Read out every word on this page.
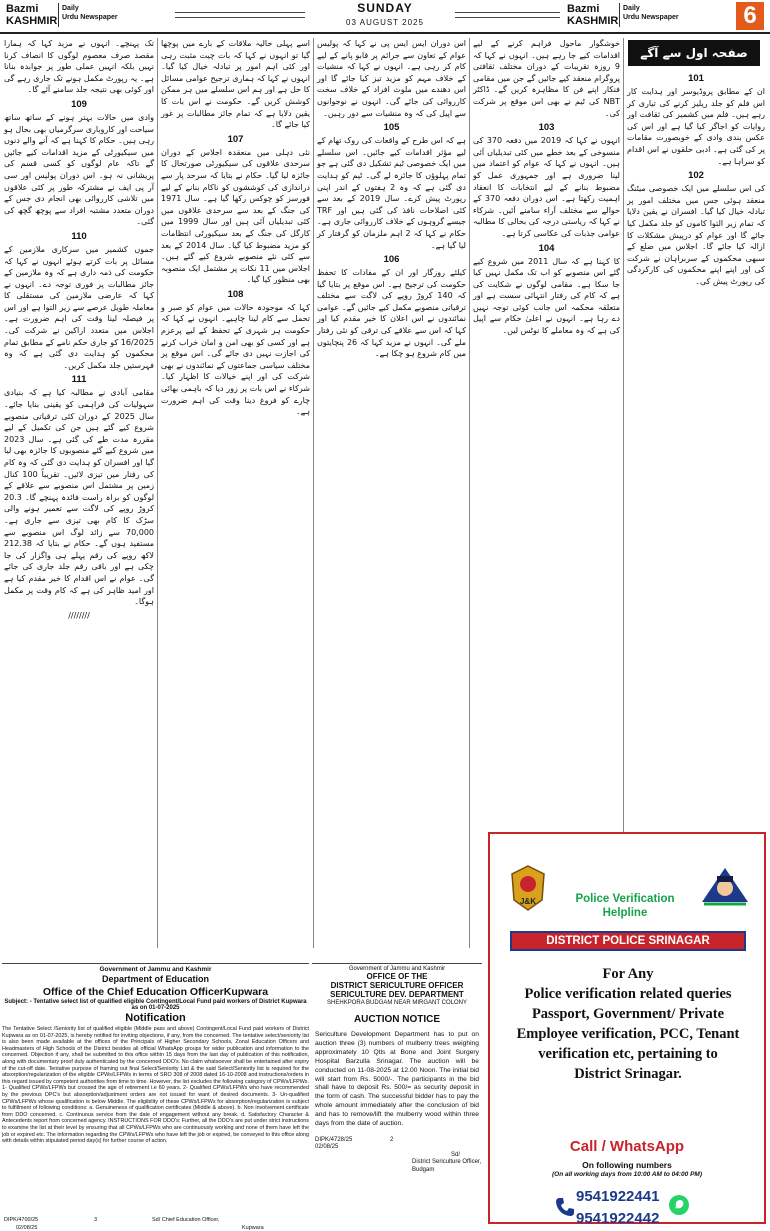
Bazmi
KASHMIR
Daily
Urdu Newspaper
SUNDAY
03 AUGUST 2025
Bazmi
KASHMIR
Daily
Urdu Newspaper	6
صفحہ اول سے آگے
تک پہنچے۔ انہوں نے مزید کہا کہ ہمارا مقصد صرف معصوم لوگوں کا انصاف کرنا نہیں بلکہ انہیں عملی طور پر جوابدہ بنانا ہے۔ یہ رپورٹ مکمل ہونے تک جاری رہے گی اور کوئی بھی نتیجہ جلد سامنے آئے گا۔
109
وادی میں حالات بہتر ہونے کے ساتھ ساتھ سیاحت اور کاروباری سرگرمیاں بھی بحال ہو رہی ہیں۔ حکام کا کہنا ہے کہ آنے والے دنوں میں سیکیورٹی کے مزید اقدامات کیے جائیں گے تاکہ عام لوگوں کو کسی قسم کی پریشانی نہ ہو۔ اس دوران پولیس اور سی آر پی ایف نے مشترکہ طور پر کئی علاقوں میں تلاشی کارروائی بھی انجام دی جس کے دوران متعدد مشتبہ افراد سے پوچھ گچھ کی گئی۔
110
جموں کشمیر میں سرکاری ملازمین کے مسائل پر بات کرتے ہوئے انہوں نے کہا کہ حکومت کی ذمہ داری ہے کہ وہ ملازمین کے جائز مطالبات پر فوری توجہ دے۔ انہوں نے کہا کہ عارضی ملازمین کی مستقلی کا معاملہ طویل عرصے سے زیر التوا ہے اور اس پر فیصلہ لینا وقت کی اہم ضرورت ہے۔ اجلاس میں متعدد اراکین نے شرکت کی۔ 16/2025 کو جاری حکم نامے کے مطابق تمام محکموں کو ہدایت دی گئی ہے کہ وہ فہرستیں جلد مکمل کریں۔
111
مقامی آبادی نے مطالبہ کیا ہے کہ بنیادی سہولیات کی فراہمی کو یقینی بنایا جائے۔ سال 2025 کے دوران کئی ترقیاتی منصوبے شروع کیے گئے ہیں جن کی تکمیل کے لیے مقررہ مدت طے کی گئی ہے۔ سال 2023 میں شروع کیے گئے منصوبوں کا جائزہ بھی لیا گیا اور افسران کو ہدایت دی گئی کہ وہ کام کی رفتار میں تیزی لائیں۔ تقریباً 100 کنال زمین پر مشتمل اس منصوبے سے علاقے کے لوگوں کو براہ راست فائدہ پہنچے گا۔ 20.3 کروڑ روپے کی لاگت سے تعمیر ہونے والی سڑک کا کام بھی تیزی سے جاری ہے۔ 70,000 سے زائد لوگ اس منصوبے سے مستفید ہوں گے۔ حکام نے بتایا کہ 212.38 لاکھ روپے کی رقم پہلے ہی واگزار کی جا چکی ہے اور باقی رقم جلد جاری کی جائے گی۔ عوام نے اس اقدام کا خیر مقدم کیا ہے اور امید ظاہر کی ہے کہ کام وقت پر مکمل ہوگا۔
////////
اسے پہلی حالیہ ملاقات کے بارے میں پوچھا گیا تو انہوں نے کہا کہ بات چیت مثبت رہی اور کئی اہم امور پر تبادلہ خیال کیا گیا۔ انہوں نے کہا کہ ہماری ترجیح عوامی مسائل کا حل ہے اور ہم اس سلسلے میں ہر ممکن کوشش کریں گے۔ حکومت نے اس بات کا یقین دلایا ہے کہ تمام جائز مطالبات پر غور کیا جائے گا۔
107
نئی دہلی میں منعقدہ اجلاس کے دوران سرحدی علاقوں کی سیکیورٹی صورتحال کا جائزہ لیا گیا۔ حکام نے بتایا کہ سرحد پار سے دراندازی کی کوششوں کو ناکام بنانے کے لیے فورسز کو چوکس رکھا گیا ہے۔ سال 1971 کی جنگ کے بعد سے سرحدی علاقوں میں کئی تبدیلیاں آئی ہیں اور سال 1999 میں کارگل کی جنگ کے بعد سیکیورٹی انتظامات کو مزید مضبوط کیا گیا۔ سال 2014 کے بعد سے کئی نئے منصوبے شروع کیے گئے ہیں۔ اجلاس میں 11 نکات پر مشتمل ایک منصوبہ بھی منظور کیا گیا۔
108
کہا کہ موجودہ حالات میں عوام کو صبر و تحمل سے کام لینا چاہیے۔ انہوں نے کہا کہ حکومت ہر شہری کے تحفظ کے لیے پرعزم ہے اور کسی کو بھی امن و امان خراب کرنے کی اجازت نہیں دی جائے گی۔ اس موقع پر مختلف سیاسی جماعتوں کے نمائندوں نے بھی شرکت کی اور اپنے خیالات کا اظہار کیا۔ شرکاء نے اس بات پر زور دیا کہ باہمی بھائی چارے کو فروغ دینا وقت کی اہم ضرورت ہے۔
اس دوران ایس ایس پی نے کہا کہ پولیس عوام کے تعاون سے جرائم پر قابو پانے کے لیے کام کر رہی ہے۔ انہوں نے کہا کہ منشیات کے خلاف مہم کو مزید تیز کیا جائے گا اور اس دھندے میں ملوث افراد کے خلاف سخت کارروائی کی جائے گی۔ انہوں نے نوجوانوں سے اپیل کی کہ وہ منشیات سے دور رہیں۔
105
ہے کہ اس طرح کے واقعات کی روک تھام کے لیے مؤثر اقدامات کیے جائیں۔ اس سلسلے میں ایک خصوصی ٹیم تشکیل دی گئی ہے جو تمام پہلوؤں کا جائزہ لے گی۔ ٹیم کو ہدایت دی گئی ہے کہ وہ 2 ہفتوں کے اندر اپنی رپورٹ پیش کرے۔ سال 2019 کے بعد سے کئی اصلاحات نافذ کی گئی ہیں اور TRF جیسے گروہوں کے خلاف کارروائی جاری ہے۔ حکام نے کہا کہ 2 اہم ملزمان کو گرفتار کر لیا گیا ہے۔
106
کیلئے روزگار اور ان کے مفادات کا تحفظ حکومت کی ترجیح ہے۔ اس موقع پر بتایا گیا کہ 140 کروڑ روپے کی لاگت سے مختلف ترقیاتی منصوبے مکمل کیے جائیں گے۔ عوامی نمائندوں نے اس اعلان کا خیر مقدم کیا اور کہا کہ اس سے علاقے کی ترقی کو نئی رفتار ملے گی۔ انہوں نے مزید کہا کہ 26 پنچایتوں میں کام شروع ہو چکا ہے۔
خوشگوار ماحول فراہم کرنے کے لیے اقدامات کیے جا رہے ہیں۔ انہوں نے کہا کہ 9 روزہ تقریبات کے دوران مختلف ثقافتی پروگرام منعقد کیے جائیں گے جن میں مقامی فنکار اپنے فن کا مظاہرہ کریں گے۔ ڈاکٹر NBT کی ٹیم نے بھی اس موقع پر شرکت کی۔
103
انہوں نے کہا کہ 2019 میں دفعہ 370 کی منسوخی کے بعد خطے میں کئی تبدیلیاں آئی ہیں۔ انہوں نے کہا کہ عوام کو اعتماد میں لینا ضروری ہے اور جمہوری عمل کو مضبوط بنانے کے لیے انتخابات کا انعقاد اہمیت رکھتا ہے۔ اس دوران دفعہ 370 کے حوالے سے مختلف آراء سامنے آئیں۔ شرکاء نے کہا کہ ریاستی درجہ کی بحالی کا مطالبہ عوامی جذبات کی عکاسی کرتا ہے۔
104
کا کہنا ہے کہ سال 2011 میں شروع کیے گئے اس منصوبے کو اب تک مکمل نہیں کیا جا سکا ہے۔ مقامی لوگوں نے شکایت کی ہے کہ کام کی رفتار انتہائی سست ہے اور متعلقہ محکمہ اس جانب کوئی توجہ نہیں دے رہا ہے۔ انہوں نے اعلیٰ حکام سے اپیل کی ہے کہ وہ معاملے کا نوٹس لیں۔
101
ان کے مطابق پروڈیوسر اور ہدایت کار اس فلم کو جلد ریلیز کرنے کی تیاری کر رہے ہیں۔ فلم میں کشمیر کی ثقافت اور روایات کو اجاگر کیا گیا ہے اور اس کی عکس بندی وادی کے خوبصورت مقامات پر کی گئی ہے۔ ادبی حلقوں نے اس اقدام کو سراہا ہے۔
102
کی اس سلسلے میں ایک خصوصی میٹنگ منعقد ہوئی جس میں مختلف امور پر تبادلہ خیال کیا گیا۔ افسران نے یقین دلایا کہ تمام زیر التوا کاموں کو جلد مکمل کیا جائے گا اور عوام کو درپیش مشکلات کا ازالہ کیا جائے گا۔ اجلاس میں ضلع کے سبھی محکموں کے سربراہان نے شرکت کی اور اپنے اپنے محکموں کی کارکردگی کی رپورٹ پیش کی۔
Government of Jammu and Kashmir
Department of Education
Office of the Chief Education OfficerKupwara
Subject: - Tentative select list of qualified eligible Contingent/Local Fund paid workers of District Kupwara as on 01-07-2025
Notification
The Tentative Select /Seniority list of qualified eligible (Middle pass and above) Contingent/Local Fund paid workers of District Kupwara as on 01-07-2025, is hereby notified for inviting objections, if any, from the concerned. The tentative select/seniority list is also been made available at the offices of the Principals of Higher Secondary Schools, Zonal Education Officers and Headmasters of High Schools of the District besides all official WhatsApp groups for wider publication and information to the concerned. Objection if any, shall be submitted to this office within 15 days from the last day of publication of this notification, along with documentary proof duly authenticated by the concerned DDO's. No claim whatsoever shall be entertained after expiry of the cut-off date. Tentative purpose of framing out final Select/Seniority List & the said Select/Seniority list is required for the absorption/regularization of the eligible CPWs/LFPWs in terms of SRO 308 of 2008 dated 16-10-2008 and instructions/orders in this regard issued by competent authorities from time to time. However, the list excludes the following category of CPWs/LFPWs. 1- Qualified CPWs/LFPWs but crossed the age of retirement i.e 60 years. 2- Qualified CPWs/LFPWs who have recommended by the previous DPC's but absorption/adjustment orders are not issued for want of desired documents. 3- Un-qualified CPWs/LFPWs whose qualification is below Middle. The eligibility of these CPWs/LFPWs for absorption/regularization is subject to fulfillment of following conditions: a. Genuineness of qualification certificates (Middle & above). b. Non involvement certificate from DDO concerned. c. Continuous service from the date of engagement without any break. d. Satisfactory Character & Antecedents report from concerned agency. INSTRUCTIONS FOR DDO's: Further, all the DDO's are put under strict instructions to examine the list at their level by ensuring that all CPWs/LFPWs who are continuously working and none of them have left the job or expired etc. The information regarding the CPWs/LFPWs who have left the job or expired, be conveyed to this office along with details within stipulated period day(s) for further course of action.
DIPK/4700/25	3	Sd/ Chief Education Officer,
02/08/25	Kupwara
Government of Jammu and Kashmir
OFFICE OF THE
DISTRICT SERICULTURE OFFICER
SERICULTURE DEV. DEPARTMENT
SHEHKPORA BUDGAM NEAR MIRGANT COLONY
AUCTION NOTICE
Sericulture Development Department has to put on auction three (3) numbers of mulberry trees weighing approximately 10 Qtls at Bone and Joint Surgery Hospital Barzulla Srinagar. The auction will be conducted on 11-08-2025 at 12.00 Noon. The initial bid will start from Rs. 5000/-. The participants in the bid shall have to deposit Rs. 500/= as security deposit in the form of cash. The successful bidder has to pay the whole amount immediately after the conclusion of bid and has to remove/lift the mulberry wood within three days from the date of auction.
DIPK/4728/25	2
02/08/25
Sd/
District Sericulture Officer,
Budgam
J&K	Police Verification
Helpline
DISTRICT POLICE SRINAGAR
For Any
Police verification related queries
Passport, Government/ Private
Employee verification, PCC, Tenant
verification etc, pertaining to
District Srinagar.
Call / WhatsApp
On following numbers
(On all working days from 10:00 AM to 04:00 PM)
9541922441
9541922442
